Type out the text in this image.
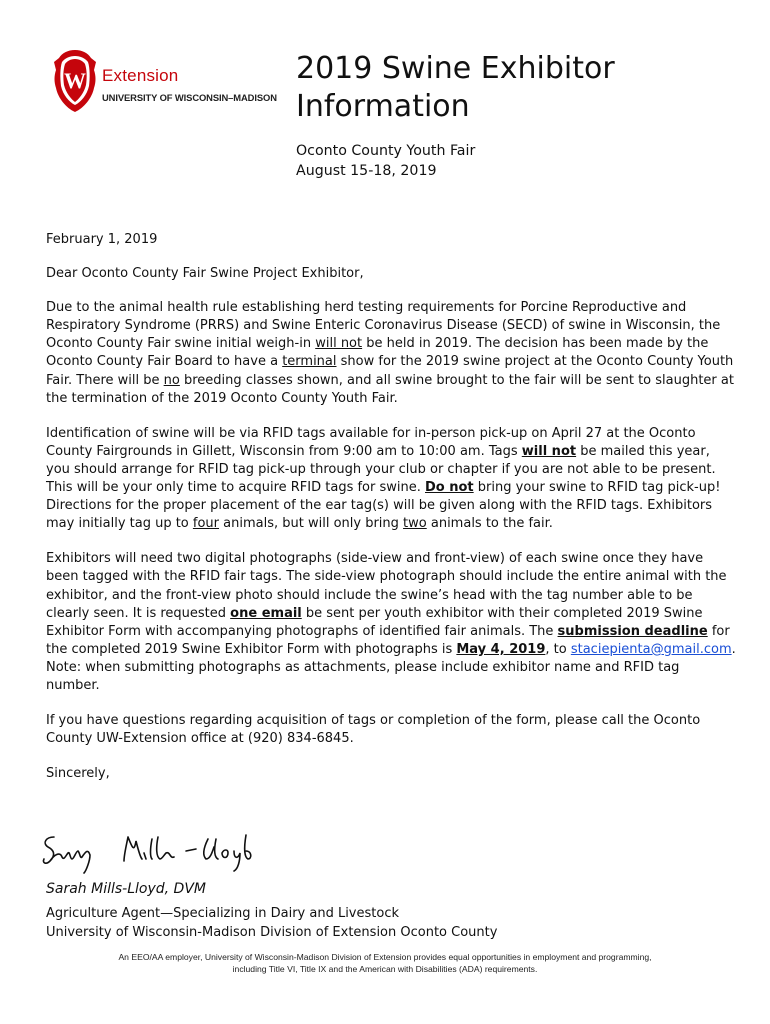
W Extension
UNIVERSITY OF WISCONSIN–MADISON
2019 Swine Exhibitor
Information
Oconto County Youth Fair
August 15-18, 2019

February 1, 2019

Dear Oconto County Fair Swine Project Exhibitor,

Due to the animal health rule establishing herd testing requirements for Porcine Reproductive and Respiratory Syndrome (PRRS) and Swine Enteric Coronavirus Disease (SECD) of swine in Wisconsin, the Oconto County Fair swine initial weigh-in will not be held in 2019. The decision has been made by the Oconto County Fair Board to have a terminal show for the 2019 swine project at the Oconto County Youth Fair. There will be no breeding classes shown, and all swine brought to the fair will be sent to slaughter at the termination of the 2019 Oconto County Youth Fair.

Identification of swine will be via RFID tags available for in-person pick-up on April 27 at the Oconto County Fairgrounds in Gillett, Wisconsin from 9:00 am to 10:00 am. Tags will not be mailed this year, you should arrange for RFID tag pick-up through your club or chapter if you are not able to be present. This will be your only time to acquire RFID tags for swine. Do not bring your swine to RFID tag pick-up! Directions for the proper placement of the ear tag(s) will be given along with the RFID tags. Exhibitors may initially tag up to four animals, but will only bring two animals to the fair.

Exhibitors will need two digital photographs (side-view and front-view) of each swine once they have been tagged with the RFID fair tags. The side-view photograph should include the entire animal with the exhibitor, and the front-view photo should include the swine’s head with the tag number able to be clearly seen. It is requested one email be sent per youth exhibitor with their completed 2019 Swine Exhibitor Form with accompanying photographs of identified fair animals. The submission deadline for the completed 2019 Swine Exhibitor Form with photographs is May 4, 2019, to staciepienta@gmail.com. Note: when submitting photographs as attachments, please include exhibitor name and RFID tag number.

If you have questions regarding acquisition of tags or completion of the form, please call the Oconto County UW-Extension office at (920) 834-6845.

Sincerely,

Sarah Mills-Lloyd, DVM
Agriculture Agent—Specializing in Dairy and Livestock
University of Wisconsin-Madison Division of Extension Oconto County
An EEO/AA employer, University of Wisconsin-Madison Division of Extension provides equal opportunities in employment and programming,
including Title VI, Title IX and the American with Disabilities (ADA) requirements.
